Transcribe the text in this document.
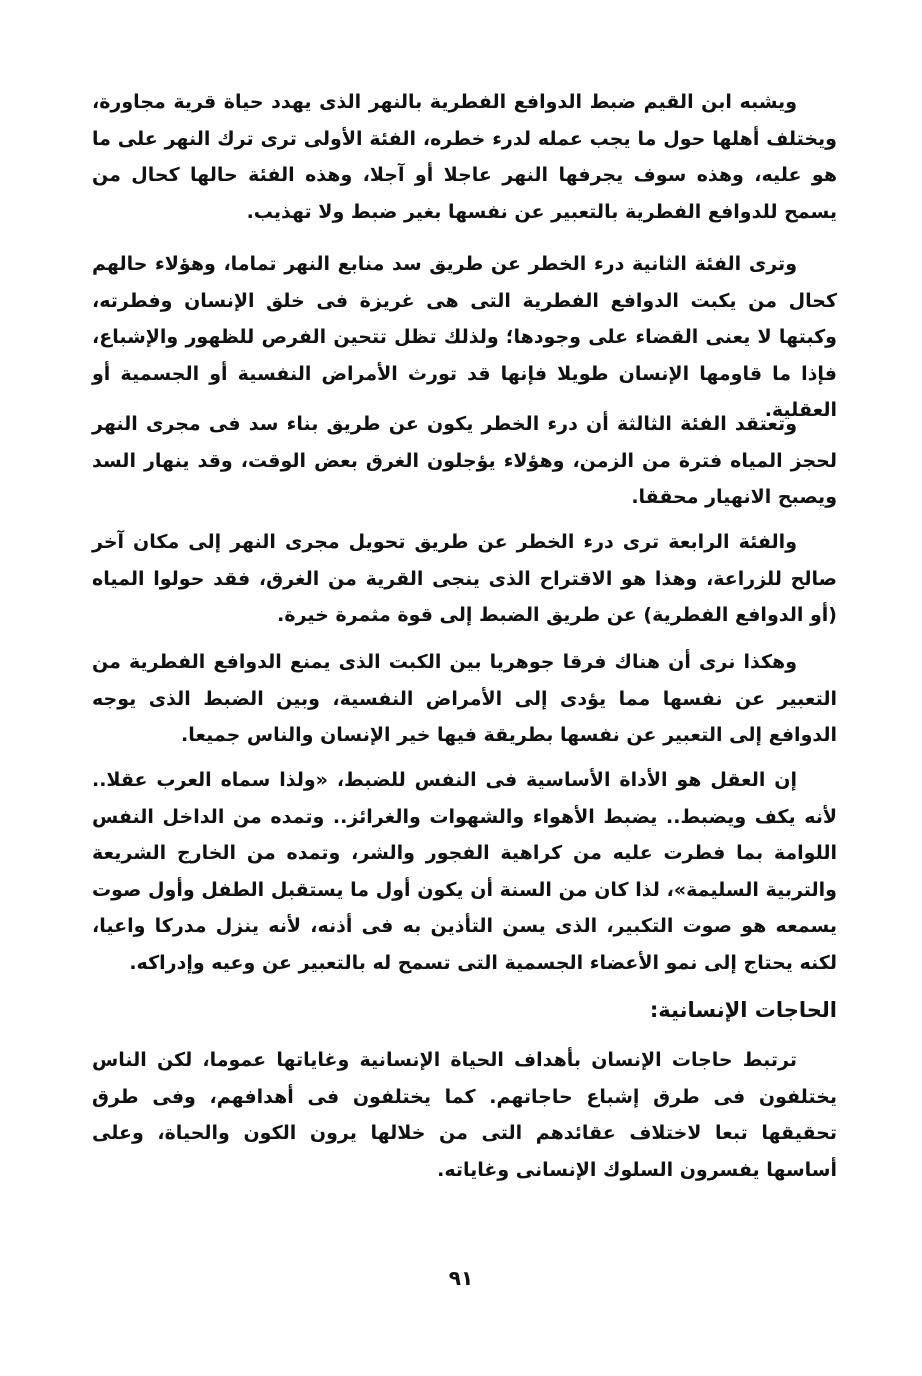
ويشبه ابن القيم ضبط الدوافع الفطرية بالنهر الذى يهدد حياة قرية مجاورة، ويختلف أهلها حول ما يجب عمله لدرء خطره، الفئة الأولى ترى ترك النهر على ما هو عليه، وهذه سوف يجرفها النهر عاجلا أو آجلا، وهذه الفئة حالها كحال من يسمح للدوافع الفطرية بالتعبير عن نفسها بغير ضبط ولا تهذيب.

وترى الفئة الثانية درء الخطر عن طريق سد منابع النهر تماما، وهؤلاء حالهم كحال من يكبت الدوافع الفطرية التى هى غريزة فى خلق الإنسان وفطرته، وكبتها لا يعنى القضاء على وجودها؛ ولذلك تظل تتحين الفرص للظهور والإشباع، فإذا ما قاومها الإنسان طويلا فإنها قد تورث الأمراض النفسية أو الجسمية أو العقلية.

وتعتقد الفئة الثالثة أن درء الخطر يكون عن طريق بناء سد فى مجرى النهر لحجز المياه فترة من الزمن، وهؤلاء يؤجلون الغرق بعض الوقت، وقد ينهار السد ويصبح الانهيار محققا.

والفئة الرابعة ترى درء الخطر عن طريق تحويل مجرى النهر إلى مكان آخر صالح للزراعة، وهذا هو الاقتراح الذى ينجى القرية من الغرق، فقد حولوا المياه (أو الدوافع الفطرية) عن طريق الضبط إلى قوة مثمرة خيرة.

وهكذا نرى أن هناك فرقا جوهريا بين الكبت الذى يمنع الدوافع الفطرية من التعبير عن نفسها مما يؤدى إلى الأمراض النفسية، وبين الضبط الذى يوجه الدوافع إلى التعبير عن نفسها بطريقة فيها خير الإنسان والناس جميعا.

إن العقل هو الأداة الأساسية فى النفس للضبط، «ولذا سماه العرب عقلا.. لأنه يكف ويضبط.. يضبط الأهواء والشهوات والغرائز.. وتمده من الداخل النفس اللوامة بما فطرت عليه من كراهية الفجور والشر، وتمده من الخارج الشريعة والتربية السليمة»، لذا كان من السنة أن يكون أول ما يستقبل الطفل وأول صوت يسمعه هو صوت التكبير، الذى يسن التأذين به فى أذنه، لأنه ينزل مدركا واعيا، لكنه يحتاج إلى نمو الأعضاء الجسمية التى تسمح له بالتعبير عن وعيه وإدراكه.

الحاجات الإنسانية:

ترتبط حاجات الإنسان بأهداف الحياة الإنسانية وغاياتها عموما، لكن الناس يختلفون فى طرق إشباع حاجاتهم. كما يختلفون فى أهدافهم، وفى طرق تحقيقها تبعا لاختلاف عقائدهم التى من خلالها يرون الكون والحياة، وعلى أساسها يفسرون السلوك الإنسانى وغاياته.

٩١
